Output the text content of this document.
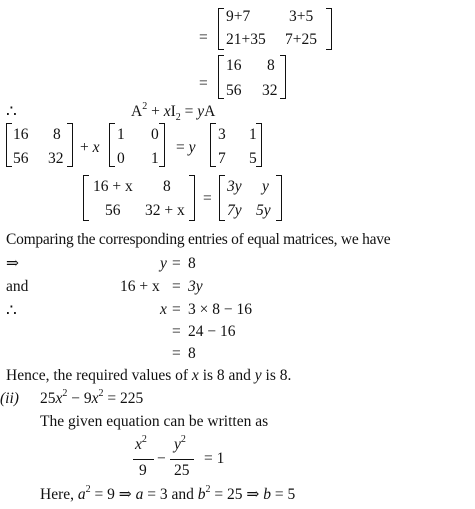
=
9+7	3+5
21+35 7+25
=
16 8
56 32
∴	$A^2 + xI_2$ = yA
16 8
56 32
+ x
1 0
0 1
= y
3 1
7 5
16 + x 8
56 32 + x
=
3y y
7y 5y
Comparing the corresponding entries of equal matrices, we have
⇒	y = 8
and	16 + x = 3y
∴	x = 3 × 8 − 16
= 24 − 16
= 8
Hence, the required values of x is 8 and y is 8.
(ii) $25x^2 - 9x^2 = 225$
The given equation can be written as
$x^2$
9
−
$y^2$
25
= 1
Here, $a^2 = 9$ ⇒ a = 3 and $b^2 = 25$ ⇒ b = 5
